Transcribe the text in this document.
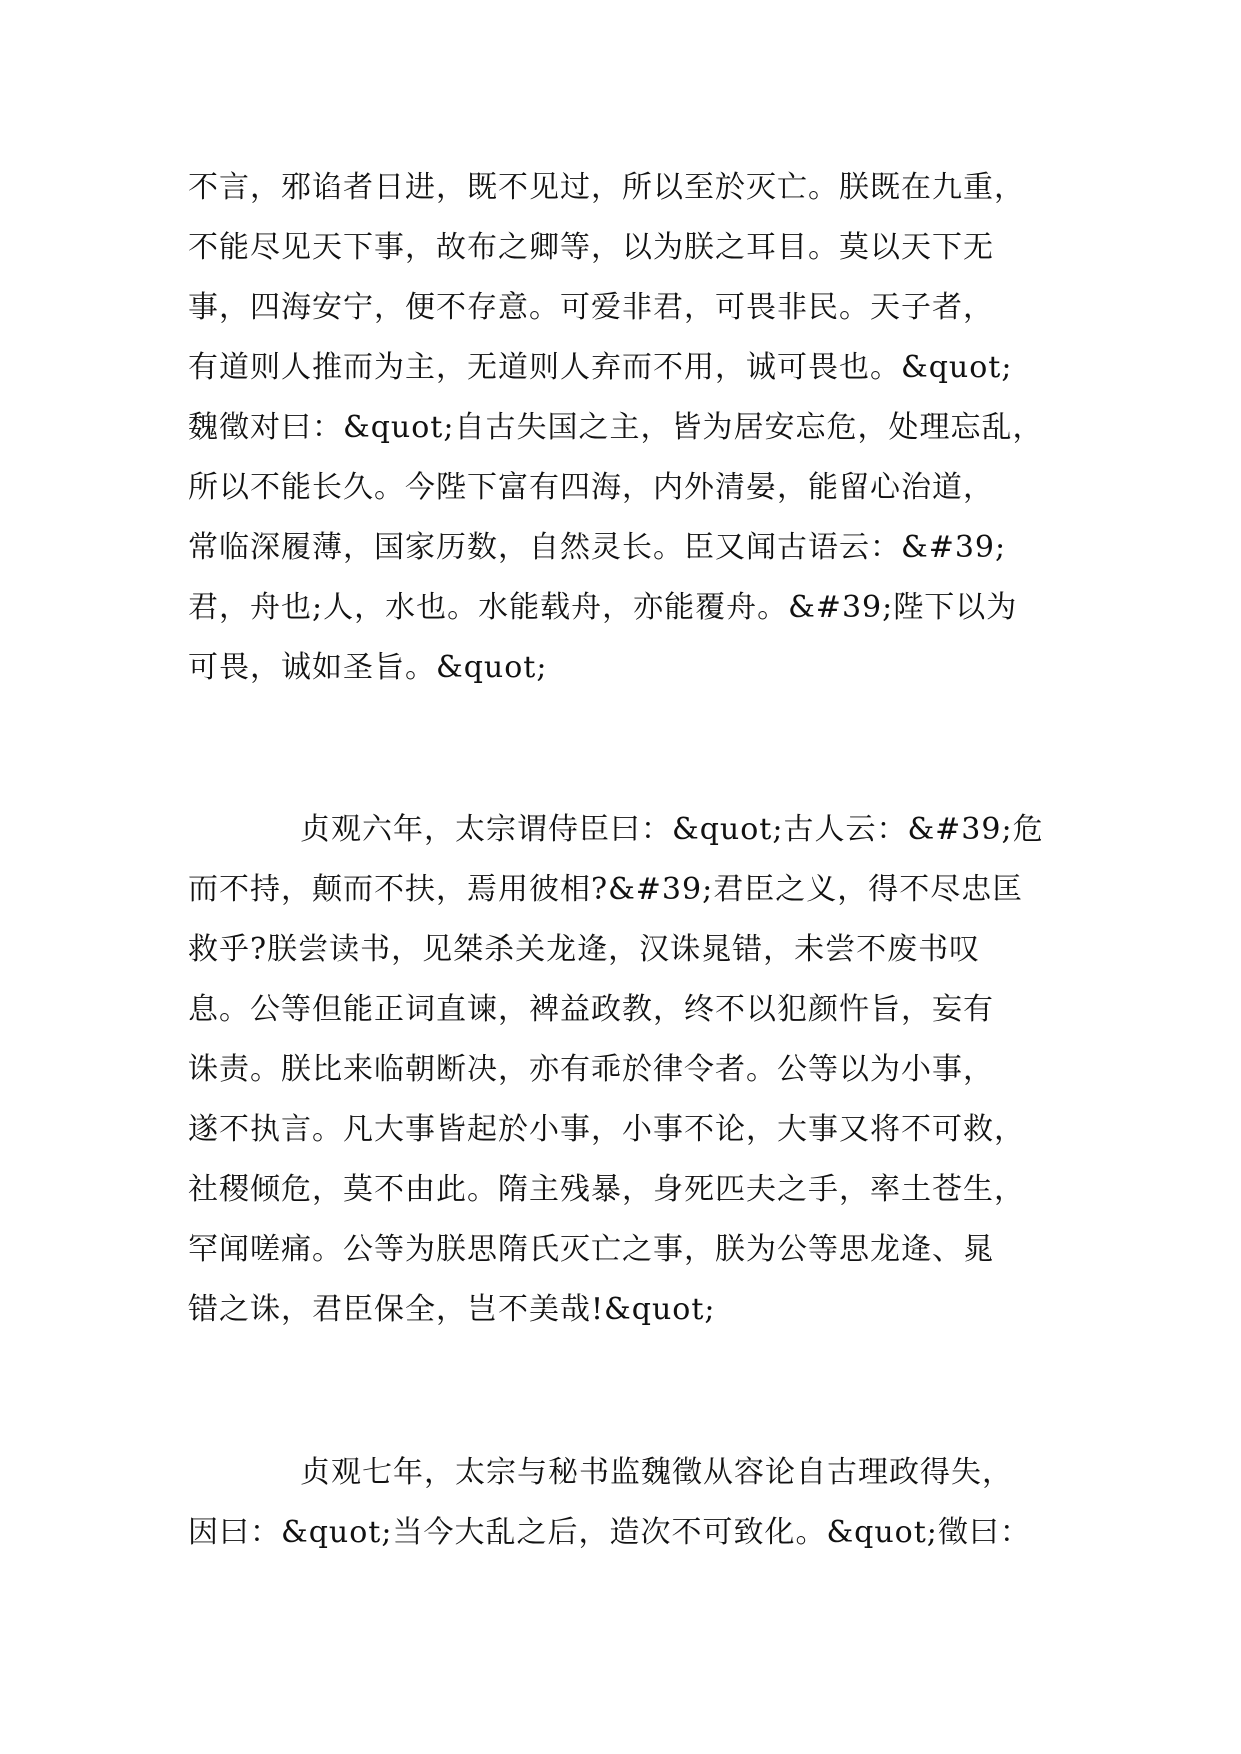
不言，邪谄者日进，既不见过，所以至於灭亡。朕既在九重，
不能尽见天下事，故布之卿等，以为朕之耳目。莫以天下无
事，四海安宁，便不存意。可爱非君，可畏非民。天子者，
有道则人推而为主，无道则人弃而不用，诚可畏也。&quot;
魏徵对曰：&quot;自古失国之主，皆为居安忘危，处理忘乱，
所以不能长久。今陛下富有四海，内外清晏，能留心治道，
常临深履薄，国家历数，自然灵长。臣又闻古语云：&#39;
君，舟也;人，水也。水能载舟，亦能覆舟。&#39;陛下以为
可畏，诚如圣旨。&quot;
贞观六年，太宗谓侍臣曰：&quot;古人云：&#39;危
而不持，颠而不扶，焉用彼相?&#39;君臣之义，得不尽忠匡
救乎?朕尝读书，见桀杀关龙逄，汉诛晁错，未尝不废书叹
息。公等但能正词直谏，裨益政教，终不以犯颜忤旨，妄有
诛责。朕比来临朝断决，亦有乖於律令者。公等以为小事，
遂不执言。凡大事皆起於小事，小事不论，大事又将不可救，
社稷倾危，莫不由此。隋主残暴，身死匹夫之手，率土苍生，
罕闻嗟痛。公等为朕思隋氏灭亡之事，朕为公等思龙逄、晁
错之诛，君臣保全，岂不美哉!&quot;
贞观七年，太宗与秘书监魏徵从容论自古理政得失，
因曰：&quot;当今大乱之后，造次不可致化。&quot;徵曰：
